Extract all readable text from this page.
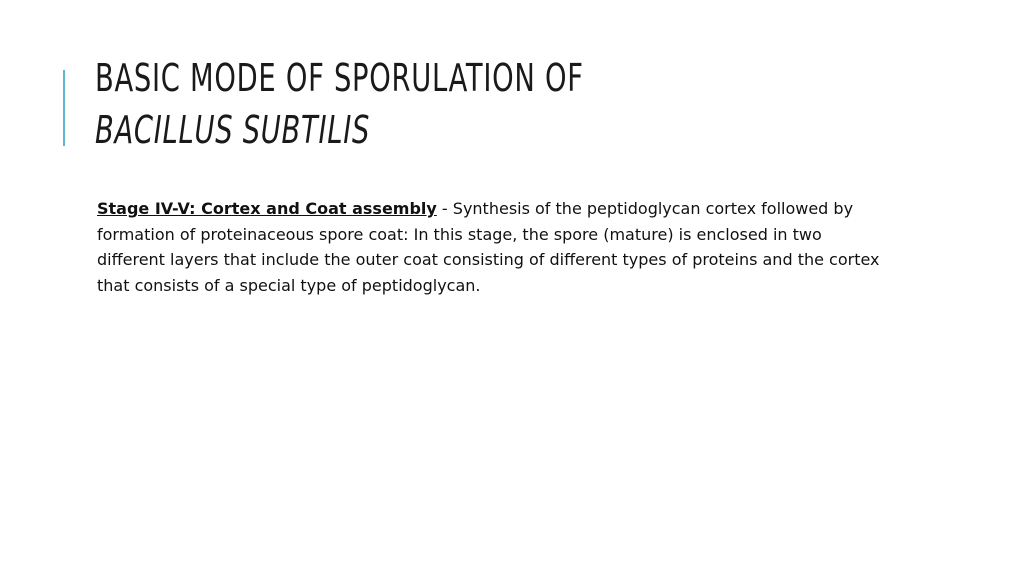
BASIC MODE OF SPORULATION OF BACILLUS SUBTILIS

Stage IV-V: Cortex and Coat assembly - Synthesis of the peptidoglycan cortex followed by formation of proteinaceous spore coat: In this stage, the spore (mature) is enclosed in two different layers that include the outer coat consisting of different types of proteins and the cortex that consists of a special type of peptidoglycan.
